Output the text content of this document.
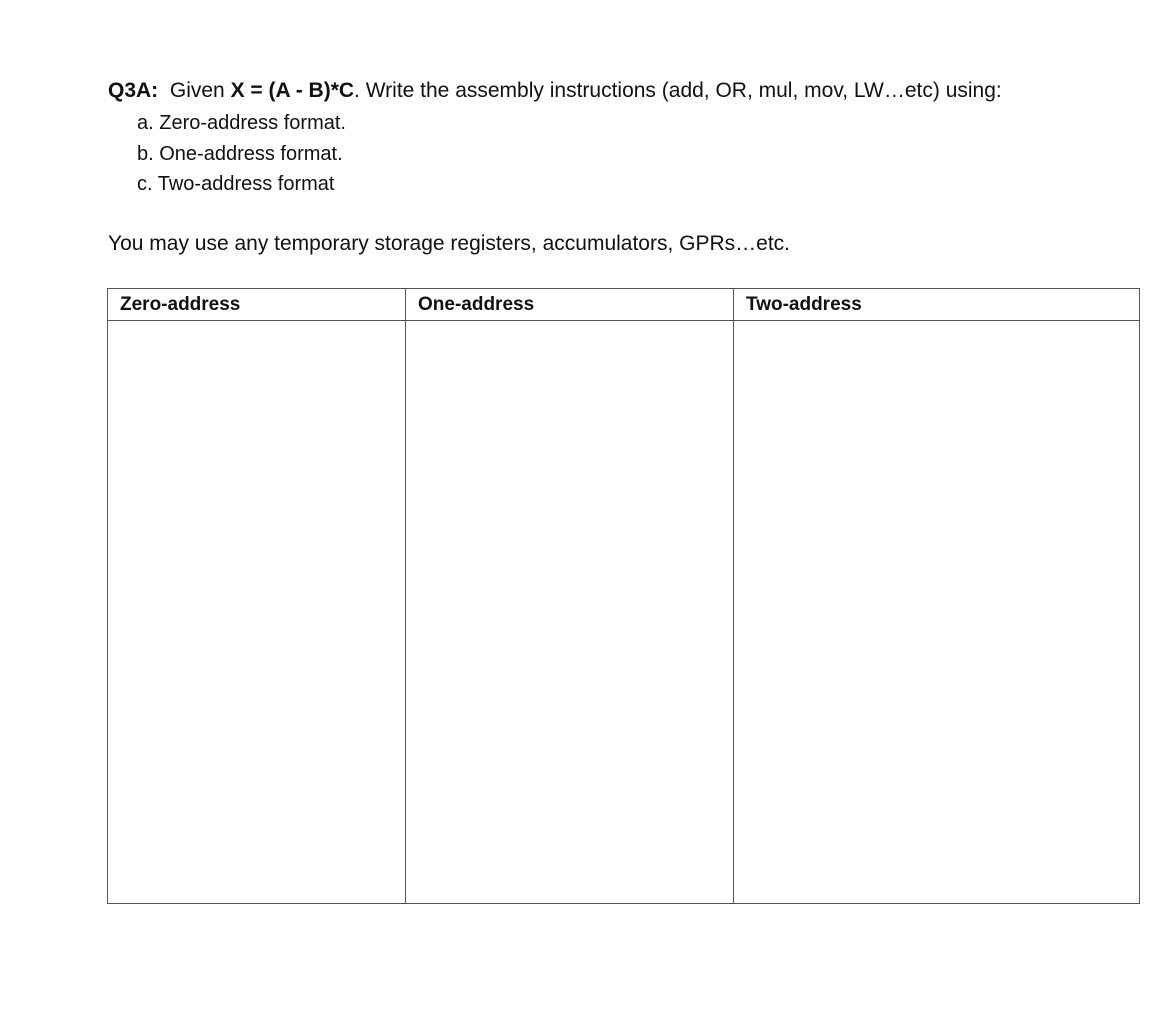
Q3A: Given X = (A - B)*C. Write the assembly instructions (add, OR, mul, mov, LW…etc) using:
a. Zero-address format.
b. One-address format.
c. Two-address format
You may use any temporary storage registers, accumulators, GPRs…etc.
Zero-address	One-address	Two-address
